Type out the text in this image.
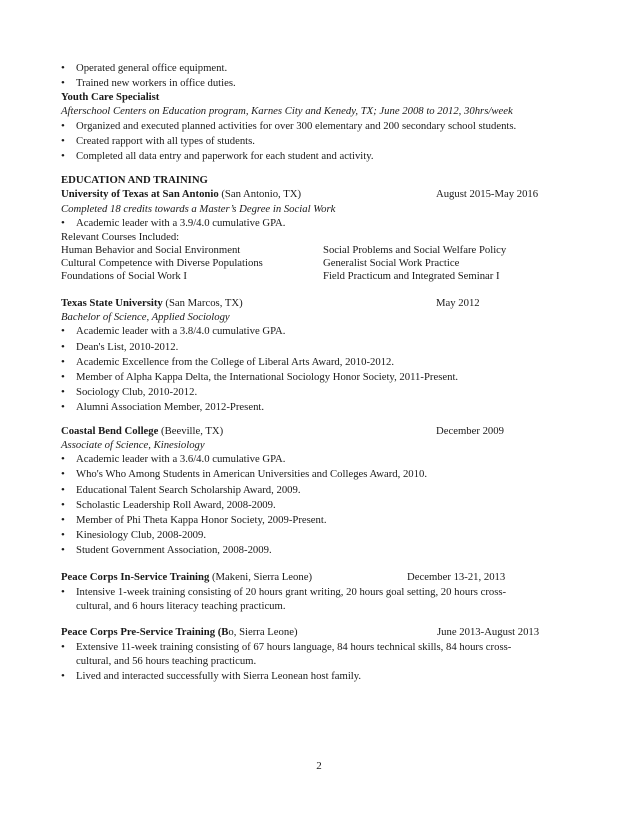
Operated general office equipment.
Trained new workers in office duties.
Youth Care Specialist
Afterschool Centers on Education program, Karnes City and Kenedy, TX; June 2008 to 2012, 30hrs/week
Organized and executed planned activities for over 300 elementary and 200 secondary school students.
Created rapport with all types of students.
Completed all data entry and paperwork for each student and activity.
EDUCATION AND TRAINING
University of Texas at San Antonio (San Antonio, TX)	August 2015-May 2016
Completed 18 credits towards a Master’s Degree in Social Work
Academic leader with a 3.9/4.0 cumulative GPA.
Relevant Courses Included:
Human Behavior and Social Environment	Social Problems and Social Welfare Policy
Cultural Competence with Diverse Populations	Generalist Social Work Practice
Foundations of Social Work I	Field Practicum and Integrated Seminar I
Texas State University (San Marcos, TX)	May 2012
Bachelor of Science, Applied Sociology
Academic leader with a 3.8/4.0 cumulative GPA.
Dean's List, 2010-2012.
Academic Excellence from the College of Liberal Arts Award, 2010-2012.
Member of Alpha Kappa Delta, the International Sociology Honor Society, 2011-Present.
Sociology Club, 2010-2012.
Alumni Association Member, 2012-Present.
Coastal Bend College (Beeville, TX)	December 2009
Associate of Science, Kinesiology
Academic leader with a 3.6/4.0 cumulative GPA.
Who's Who Among Students in American Universities and Colleges Award, 2010.
Educational Talent Search Scholarship Award, 2009.
Scholastic Leadership Roll Award, 2008-2009.
Member of Phi Theta Kappa Honor Society, 2009-Present.
Kinesiology Club, 2008-2009.
Student Government Association, 2008-2009.
Peace Corps In-Service Training (Makeni, Sierra Leone)	December 13-21, 2013
Intensive 1-week training consisting of 20 hours grant writing, 20 hours goal setting, 20 hours cross-
cultural, and 6 hours literacy teaching practicum.
Peace Corps Pre-Service Training (Bo, Sierra Leone)	June 2013-August 2013
Extensive 11-week training consisting of 67 hours language, 84 hours technical skills, 84 hours cross-
cultural, and 56 hours teaching practicum.
Lived and interacted successfully with Sierra Leonean host family.
2
